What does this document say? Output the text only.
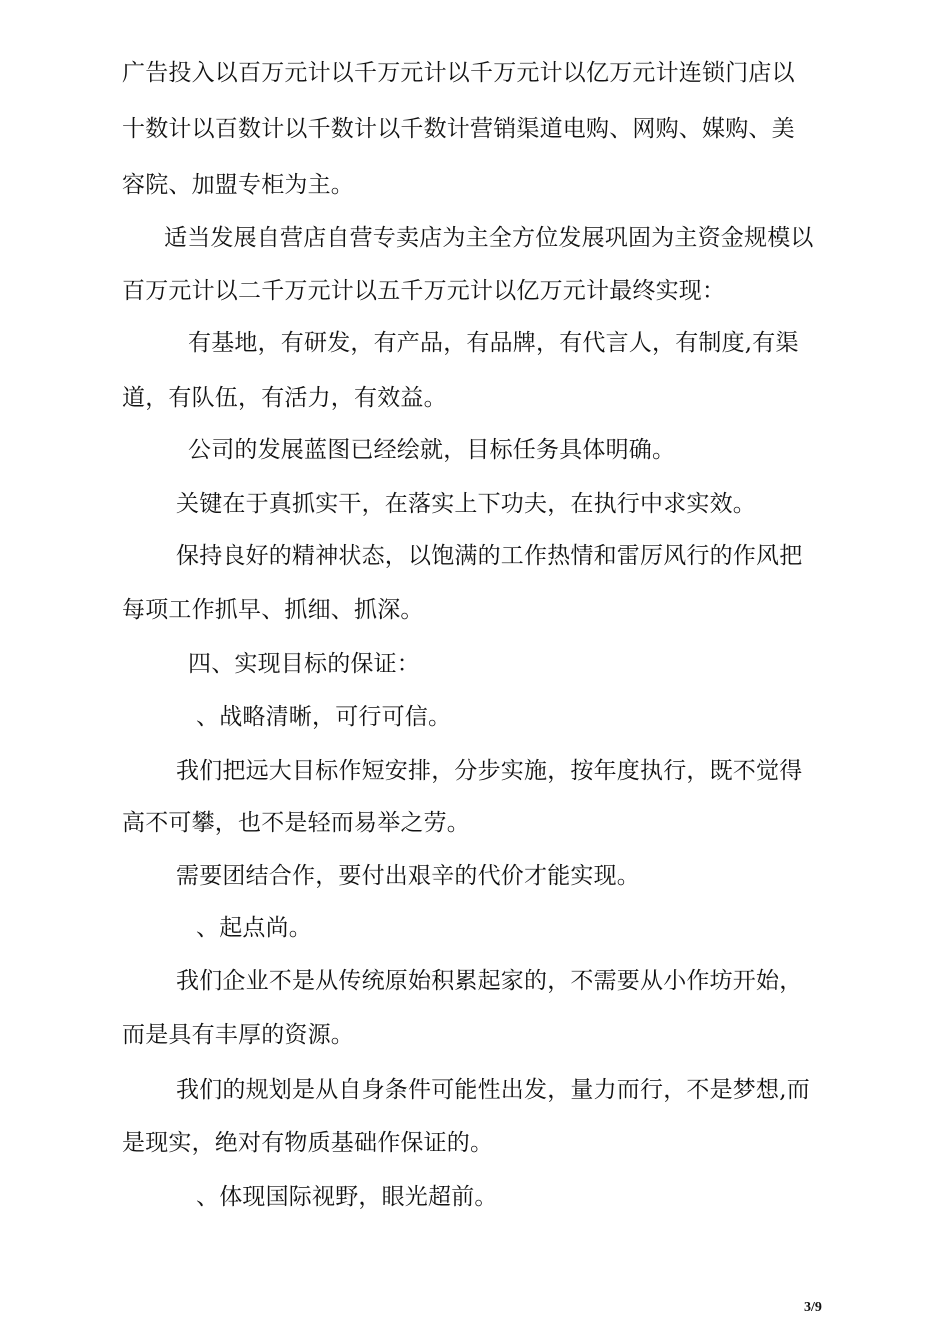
广告投入以百万元计以千万元计以千万元计以亿万元计连锁门店以
十数计以百数计以千数计以千数计营销渠道电购、网购、媒购、美
容院、加盟专柜为主。
适当发展自营店自营专卖店为主全方位发展巩固为主资金规模以
百万元计以二千万元计以五千万元计以亿万元计最终实现：
有基地，有研发，有产品，有品牌，有代言人，有制度,有渠
道，有队伍，有活力，有效益。
公司的发展蓝图已经绘就，目标任务具体明确。
关键在于真抓实干，在落实上下功夫，在执行中求实效。
保持良好的精神状态，以饱满的工作热情和雷厉风行的作风把
每项工作抓早、抓细、抓深。
四、实现目标的保证：
、战略清晰，可行可信。
我们把远大目标作短安排，分步实施，按年度执行，既不觉得
高不可攀，也不是轻而易举之劳。
需要团结合作，要付出艰辛的代价才能实现。
、起点尚。
我们企业不是从传统原始积累起家的，不需要从小作坊开始，
而是具有丰厚的资源。
我们的规划是从自身条件可能性出发，量力而行，不是梦想,而
是现实，绝对有物质基础作保证的。
、体现国际视野，眼光超前。
3/9
